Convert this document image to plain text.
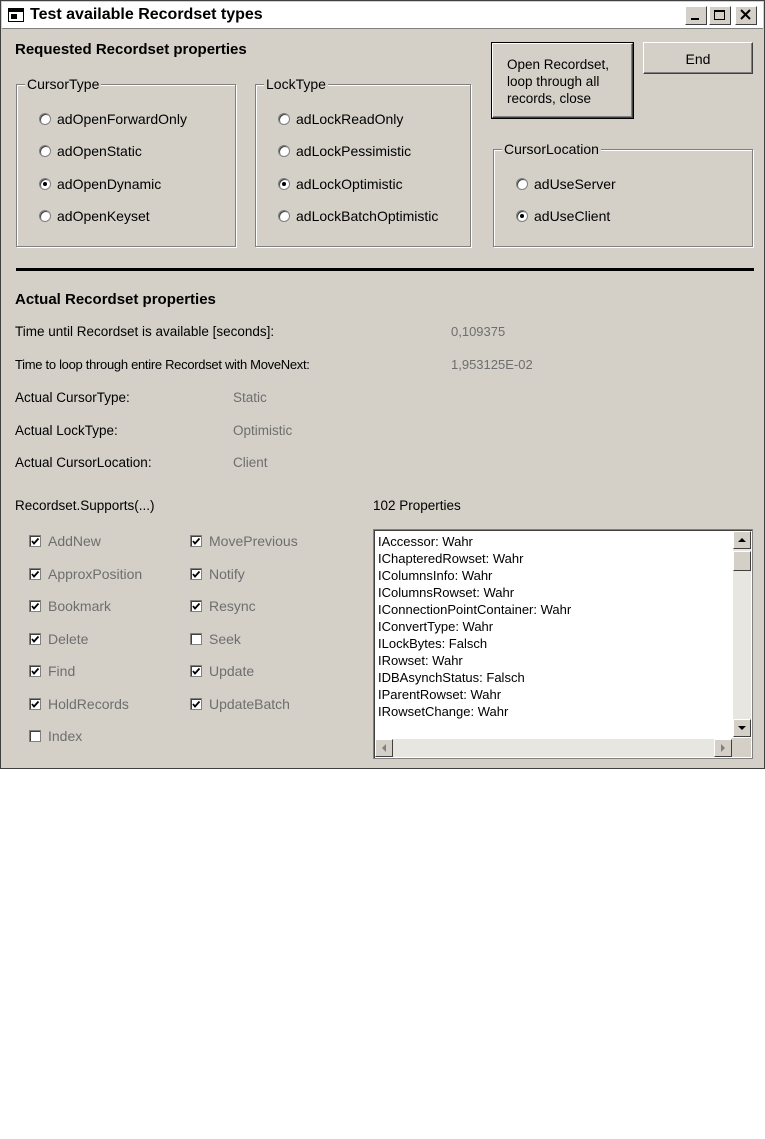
Test available Recordset types
Requested Recordset properties
CursorType
adOpenForwardOnly
adOpenStatic
adOpenDynamic
adOpenKeyset
LockType
adLockReadOnly
adLockPessimistic
adLockOptimistic
adLockBatchOptimistic
Open Recordset, loop through all records, close
End
CursorLocation
adUseServer
adUseClient
Actual Recordset properties
Time until Recordset is available [seconds]:	0,109375
Time to loop through entire Recordset with MoveNext:	1,953125E-02
Actual CursorType:	Static
Actual LockType:	Optimistic
Actual CursorLocation:	Client
Recordset.Supports(...)	102 Properties
AddNew
ApproxPosition
Bookmark
Delete
Find
HoldRecords
Index
MovePrevious
Notify
Resync
Seek
Update
UpdateBatch
IAccessor: Wahr
IChapteredRowset: Wahr
IColumnsInfo: Wahr
IColumnsRowset: Wahr
IConnectionPointContainer: Wahr
IConvertType: Wahr
ILockBytes: Falsch
IRowset: Wahr
IDBAsynchStatus: Falsch
IParentRowset: Wahr
IRowsetChange: Wahr
